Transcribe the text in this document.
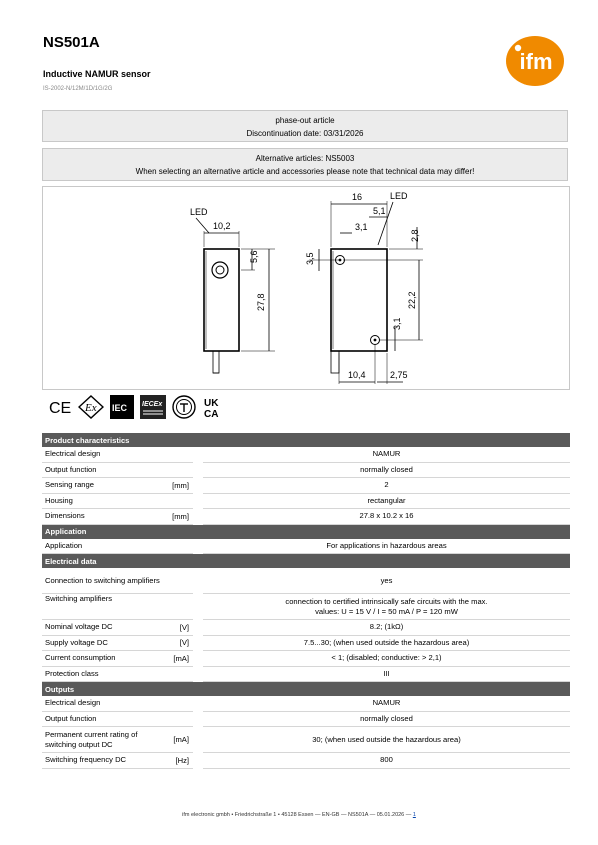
NS501A
Inductive NAMUR sensor
IS-2002-N/12M/1D/1G/2G
ifm
phase-out article
Discontinuation date: 03/31/2026
Alternative articles: NS5003
When selecting an alternative article and accessories please note that technical data may differ!
LED
10,2
5,6
27,8
LED
16
5,1
3,1
2,8
3,5
22,2
3,1
10,4	2,75
CE Ex IEC IECEx	UK
CA
Product characteristics		
Electrical design		NAMUR
Output function		normally closed
Sensing range	[mm]	2
Housing		rectangular
Dimensions	[mm]	27.8 x 10.2 x 16
Application		
Application		For applications in hazardous areas
Electrical data		
Connection to switching amplifiers		yes
Switching amplifiers		connection to certified intrinsically safe circuits with the max. values: U = 15 V / I = 50 mA / P = 120 mW
Nominal voltage DC	[V]	8.2; (1kΩ)
Supply voltage DC	[V]	7.5...30; (when used outside the hazardous area)
Current consumption	[mA]	< 1; (disabled; conductive: > 2,1)
Protection class		III
Outputs		
Electrical design		NAMUR
Output function		normally closed
Permanent current rating of switching output DC	[mA]	30; (when used outside the hazardous area)
Switching frequency DC	[Hz]	800
ifm electronic gmbh • Friedrichstraße 1 • 45128 Essen — EN-GB — NS501A — 05.01.2026 — 1
